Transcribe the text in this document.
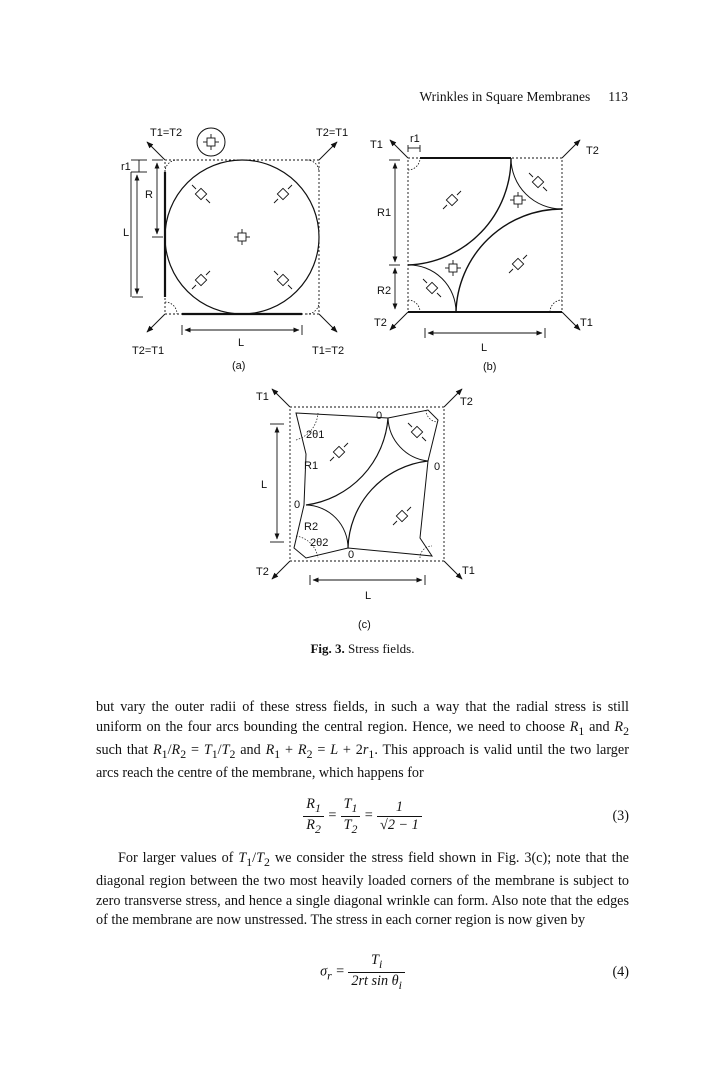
Wrinkles in Square Membranes 113
T1=T2	T2=T1
T2=T1	T1=T2
r1
R
L
L
(a)
T1	T2
T2	T1
r1
R1
R2
L
(b)
T1	T2
T2	T1
0
0
0
0
2θ1
R1
R2
2θ2
L
L
(c)
Fig. 3. Stress fields.
but vary the outer radii of these stress fields, in such a way that the radial stress is still uniform on the four arcs bounding the central region. Hence, we need to choose $R_1$ and $R_2$ such that $R_1/R_2 = T_1/T_2$ and $R_1 + R_2 = L + 2r_1$. This approach is valid until the two larger arcs reach the centre of the membrane, which happens for
$\frac{R_1}{R_2} = \frac{T_1}{T_2} = \frac{1}{√2 - 1}$	(3)
For larger values of $T_1/T_2$ we consider the stress field shown in Fig. 3(c); note that the diagonal region between the two most heavily loaded corners of the membrane is subject to zero transverse stress, and hence a single diagonal wrinkle can form. Also note that the edges of the membrane are now unstressed. The stress in each corner region is now given by
$\sigma_r = \frac{T_i}{2rt \sin \theta_i}$	(4)
